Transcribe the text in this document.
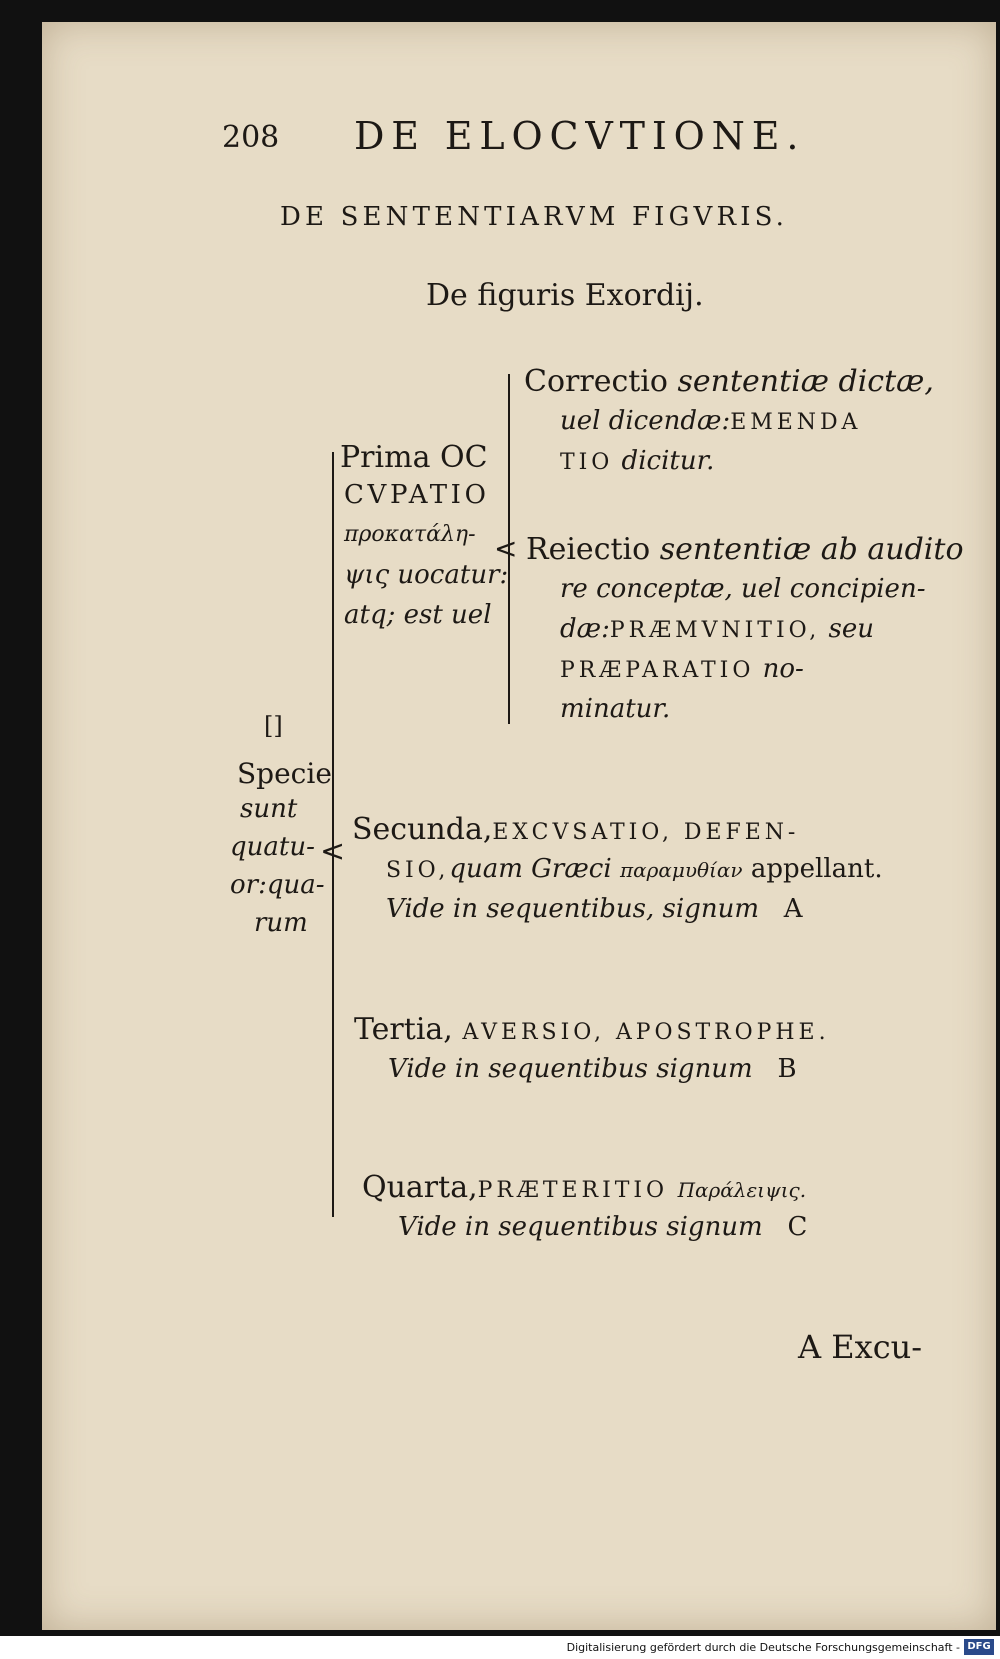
208 DE ELOCVTIONE.
DE SENTENTIARVM FIGVRIS.
De figuris Exordij.
[]
Specie
sunt
quatu-
or:qua-
rum
<
Prima OC
CVPATIO
προκατάλη-
ψις uocatur:
atq; est uel
<
Correctio sententiæ dictæ,
uel dicendæ:EMENDA
TIO dicitur.
Reiectio sententiæ ab audito
re conceptæ, uel concipien-
dæ:PRÆMVNITIO, seu
PRÆPARATIO no-
minatur.
Secunda,EXCVSATIO, DEFEN-
SIO,quam Græci παραμυθίαν appellant.
Vide in sequentibus, signum A
Tertia, AVERSIO, APOSTROPHE.
Vide in sequentibus signum B
Quarta,PRÆTERITIO Παράλειψις.
Vide in sequentibus signum C
A Excu-
Digitalisierung gefördert durch die Deutsche Forschungsgemeinschaft - DFG
